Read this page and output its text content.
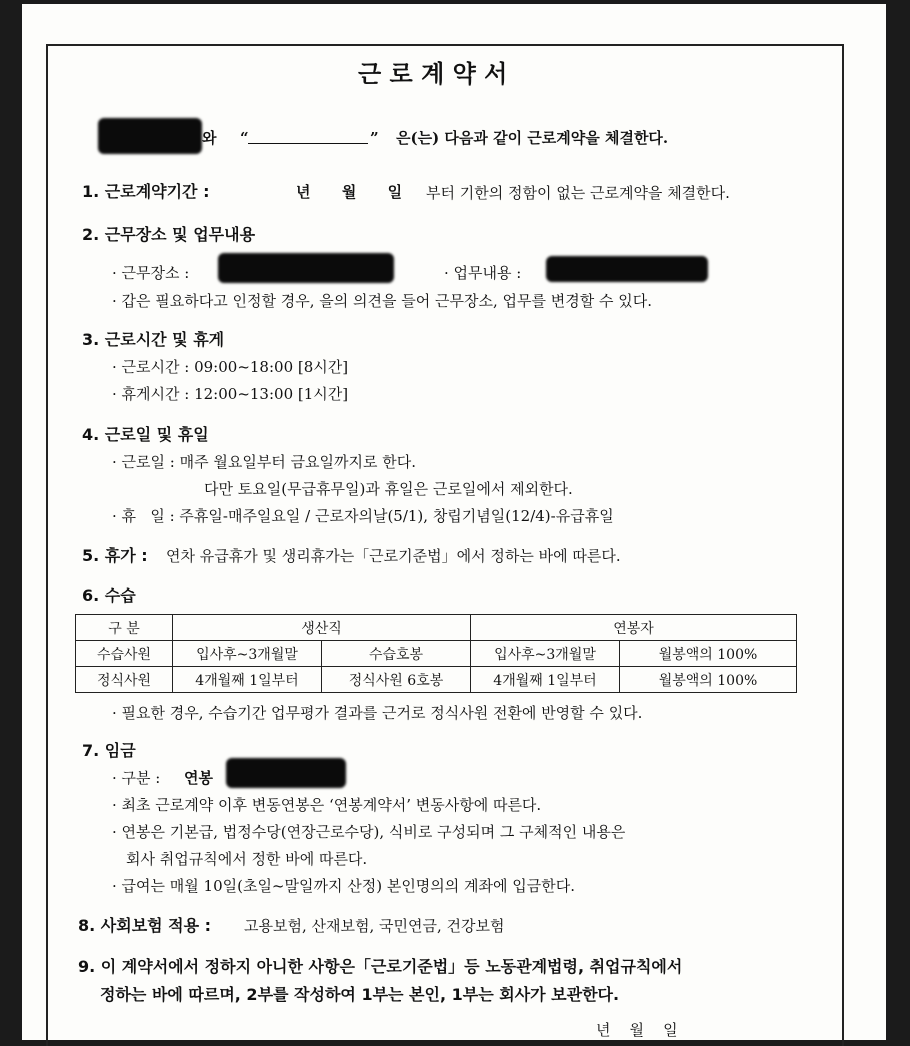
근 로 계 약 서
와 “	” 은(는) 다음과 같이 근로계약을 체결한다.
1. 근로계약기간 :	년      월      일 부터 기한의 정함이 없는 근로계약을 체결한다.
2. 근무장소 및 업무내용
· 근무장소 :	· 업무내용 :
· 갑은 필요하다고 인정할 경우, 을의 의견을 들어 근무장소, 업무를 변경할 수 있다.
3. 근로시간 및 휴게
· 근로시간 : 09:00~18:00 [8시간]
· 휴게시간 : 12:00~13:00 [1시간]
4. 근로일 및 휴일
· 근로일 : 매주 월요일부터 금요일까지로 한다.
다만 토요일(무급휴무일)과 휴일은 근로일에서 제외한다.
· 휴   일 : 주휴일-매주일요일 / 근로자의날(5/1), 창립기념일(12/4)-유급휴일
5. 휴가 : 연차 유급휴가 및 생리휴가는「근로기준법」에서 정하는 바에 따른다.
6. 수습
구 분	생산직		연봉자	
수습사원	입사후~3개월말	수습호봉	입사후~3개월말	월봉액의 100%
정식사원	4개월째 1일부터	정식사원 6호봉	4개월째 1일부터	월봉액의 100%
· 필요한 경우, 수습기간 업무평가 결과를 근거로 정식사원 전환에 반영할 수 있다.
7. 임금
· 구분 : 연봉
· 최초 근로계약 이후 변동연봉은 ‘연봉계약서’ 변동사항에 따른다.
· 연봉은 기본급, 법정수당(연장근로수당), 식비로 구성되며 그 구체적인 내용은
회사 취업규칙에서 정한 바에 따른다.
· 급여는 매월 10일(초일~말일까지 산정) 본인명의의 계좌에 입금한다.
8. 사회보험 적용 : 고용보험, 산재보험, 국민연금, 건강보험
9. 이 계약서에서 정하지 아니한 사항은「근로기준법」등 노동관계법령, 취업규칙에서
정하는 바에 따르며, 2부를 작성하여 1부는 본인, 1부는 회사가 보관한다.
년    월    일
